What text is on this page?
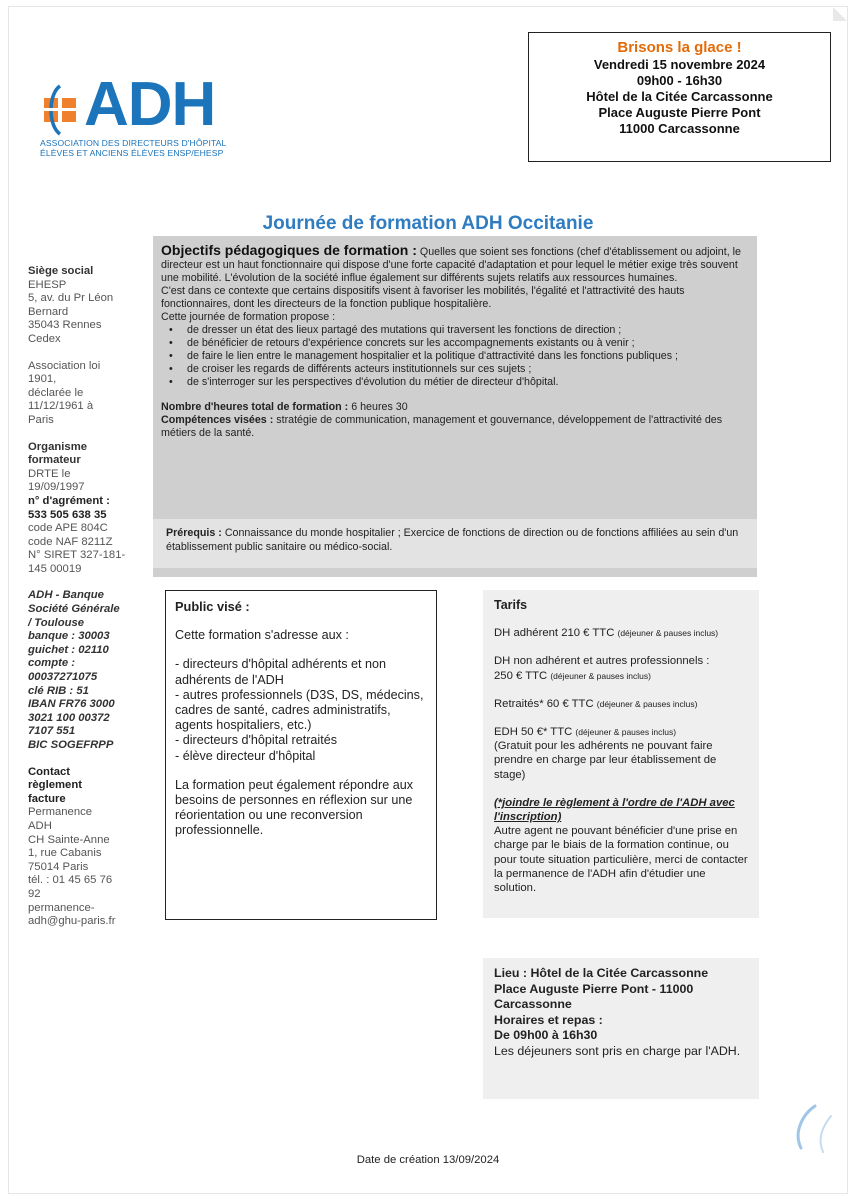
ADH
ASSOCIATION DES DIRECTEURS D'HÔPITAL
ÉLÈVES ET ANCIENS ÉLÈVES ENSP/EHESP
Brisons la glace !
Vendredi 15 novembre 2024
09h00 - 16h30
Hôtel de la Citée Carcassonne
Place Auguste Pierre Pont
11000 Carcassonne
Journée de formation ADH Occitanie
Siège social
EHESP
5, av. du Pr Léon
Bernard
35043 Rennes
Cedex
Association loi
1901,
déclarée le
11/12/1961 à
Paris
Organisme
formateur
DRTE le
19/09/1997
n° d'agrément :
533 505 638 35
code APE 804C
code NAF 8211Z
N° SIRET 327-181-
145 00019
ADH - Banque
Société Générale
/ Toulouse
banque : 30003
guichet : 02110
compte :
00037271075
clé RIB : 51
IBAN FR76 3000
3021 100 00372
7107 551
BIC SOGEFRPP
Contact
règlement
facture
Permanence
ADH
CH Sainte-Anne
1, rue Cabanis
75014 Paris
tél. : 01 45 65 76
92
permanence-
adh@ghu-paris.fr

Objectifs pédagogiques de formation : Quelles que soient ses fonctions (chef d'établissement ou adjoint, le directeur est un haut fonctionnaire qui dispose d'une forte capacité d'adaptation et pour lequel le métier exige très souvent une mobilité. L'évolution de la société influe également sur différents sujets relatifs aux ressources humaines.

C'est dans ce contexte que certains dispositifs visent à favoriser les mobilités, l'égalité et l'attractivité des hauts fonctionnaires, dont les directeurs de la fonction publique hospitalière.

Cette journée de formation propose :

• de dresser un état des lieux partagé des mutations qui traversent les fonctions de direction ;
• de bénéficier de retours d'expérience concrets sur les accompagnements existants ou à venir ;
• de faire le lien entre le management hospitalier et la politique d'attractivité dans les fonctions publiques ;
• de croiser les regards de différents acteurs institutionnels sur ces sujets ;
• de s'interroger sur les perspectives d'évolution du métier de directeur d'hôpital.

Nombre d'heures total de formation : 6 heures 30

Compétences visées : stratégie de communication, management et gouvernance, développement de l'attractivité des métiers de la santé.

Prérequis : Connaissance du monde hospitalier ; Exercice de fonctions de direction ou de fonctions affiliées au sein d'un établissement public sanitaire ou médico-social.
Public visé :
Cette formation s'adresse aux :
- directeurs d'hôpital adhérents et non adhérents de l'ADH
- autres professionnels (D3S, DS, médecins, cadres de santé, cadres administratifs, agents hospitaliers, etc.)
- directeurs d'hôpital retraités
- élève directeur d'hôpital
La formation peut également répondre aux besoins de personnes en réflexion sur une réorientation ou une reconversion professionnelle.
Tarifs
DH adhérent 210 € TTC (déjeuner & pauses inclus)
DH non adhérent et autres professionnels :
250 € TTC (déjeuner & pauses inclus)
Retraités* 60 € TTC (déjeuner & pauses inclus)
EDH 50 €* TTC (déjeuner & pauses inclus)
(Gratuit pour les adhérents ne pouvant faire prendre en charge par leur établissement de stage)
(*joindre le règlement à l'ordre de l'ADH avec l'inscription)
Autre agent ne pouvant bénéficier d'une prise en charge par le biais de la formation continue, ou pour toute situation particulière, merci de contacter la permanence de l'ADH afin d'étudier une solution.
Lieu : Hôtel de la Citée Carcassonne
Place Auguste Pierre Pont - 11000
Carcassonne
Horaires et repas :
De 09h00 à 16h30
Les déjeuners sont pris en charge par l'ADH.
Date de création 13/09/2024
